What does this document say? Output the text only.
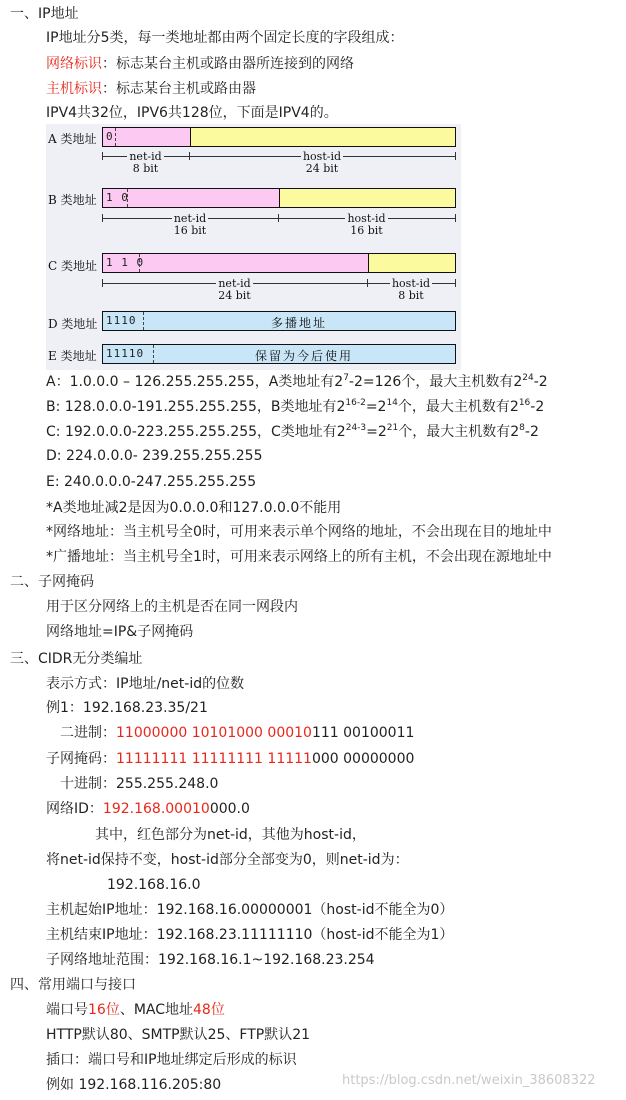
一、IP地址
IP地址分5类，每一类地址都由两个固定长度的字段组成：
网络标识：标志某台主机或路由器所连接到的网络
主机标识：标志某台主机或路由器
IPV4共32位，IPV6共128位，下面是IPV4的。
A 类地址 0
net-id
8 bit
host-id
24 bit
B 类地址 1 0
net-id
16 bit
host-id
16 bit
C 类地址 1 1 0
net-id
24 bit
host-id
8 bit
D 类地址 1110	多播地址
E 类地址 11110	保留为今后使用
A：1.0.0.0 – 126.255.255.255，A类地址有$2^7-2=126$个，最大主机数有$2^{24}-2$
B: 128.0.0.0-191.255.255.255，B类地址有$2^{16-2}=2^{14}$个，最大主机数有$2^{16}-2$
C: 192.0.0.0-223.255.255.255，C类地址有$2^{24-3}=2^{21}$个，最大主机数有$2^8-2$
D: 224.0.0.0- 239.255.255.255
E: 240.0.0.0-247.255.255.255
*A类地址减2是因为0.0.0.0和127.0.0.0不能用
*网络地址：当主机号全0时，可用来表示单个网络的地址，不会出现在目的地址中
*广播地址：当主机号全1时，可用来表示网络上的所有主机，不会出现在源地址中
二、子网掩码
用于区分网络上的主机是否在同一网段内
网络地址=IP&子网掩码
三、CIDR无分类编址
表示方式：IP地址/net-id的位数
例1：192.168.23.35/21
二进制：11000000 10101000 00010111 00100011
子网掩码：11111111 11111111 11111000 00000000
十进制：255.255.248.0
网络ID：192.168.00010000.0
其中，红色部分为net-id，其他为host-id，
将net-id保持不变，host-id部分全部变为0，则net-id为：
192.168.16.0
主机起始IP地址：192.168.16.00000001（host-id不能全为0）
主机结束IP地址：192.168.23.11111110（host-id不能全为1）
子网络地址范围：192.168.16.1~192.168.23.254
四、常用端口与接口
端口号16位、MAC地址48位
HTTP默认80、SMTP默认25、FTP默认21
插口：端口号和IP地址绑定后形成的标识
例如 192.168.116.205:80	https://blog.csdn.net/weixin_38608322
